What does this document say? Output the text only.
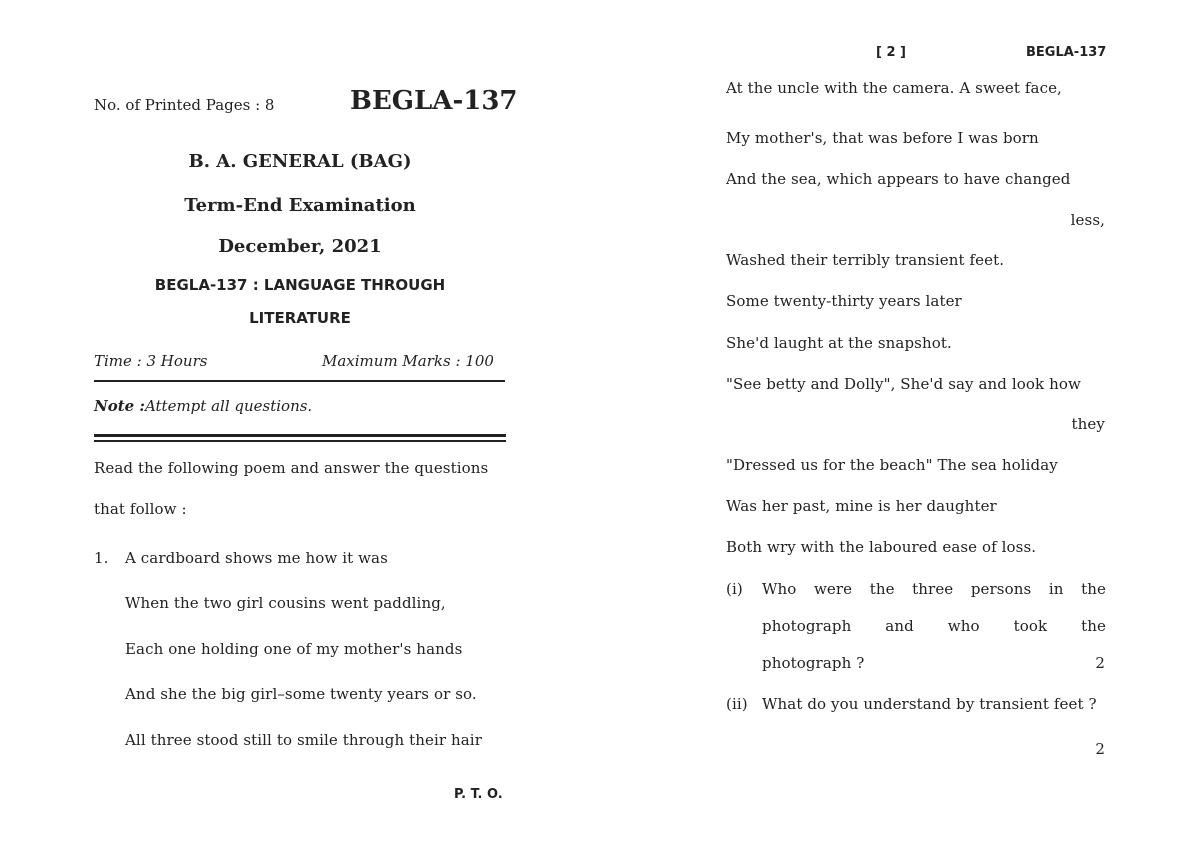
No. of Printed Pages : 8	BEGLA-137
B. A. GENERAL (BAG)
Term-End Examination
December, 2021
BEGLA-137 : LANGUAGE THROUGH
LITERATURE
Time : 3 Hours	Maximum Marks : 100
Note :Attempt all questions.
Read the following poem and answer the questions
that follow :
1. A cardboard shows me how it was
When the two girl cousins went paddling,
Each one holding one of my mother's hands
And she the big girl–some twenty years or so.
All three stood still to smile through their hair
P. T. O.
[ 2 ]	BEGLA-137
At the uncle with the camera. A sweet face,
My mother's, that was before I was born
And the sea, which appears to have changed
less,
Washed their terribly transient feet.
Some twenty-thirty years later
She'd laught at the snapshot.
"See betty and Dolly", She'd say and look how
they
"Dressed us for the beach" The sea holiday
Was her past, mine is her daughter
Both wry with the laboured ease of loss.
(i) Who were the three persons in the
photograph and who took the
photograph ?	2
(ii) What do you understand by transient feet ?
2
